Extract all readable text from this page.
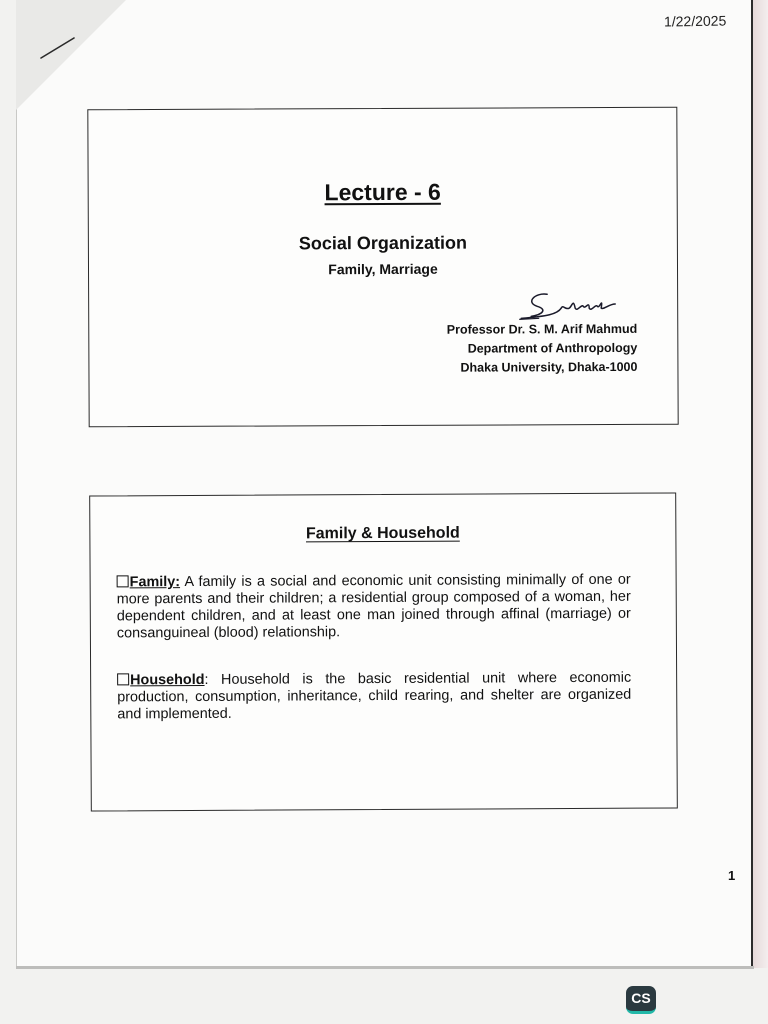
1/22/2025
Lecture - 6
Social Organization
Family, Marriage
Professor Dr. S. M. Arif Mahmud
Department of Anthropology
Dhaka University, Dhaka-1000
Family & Household
Family: A family is a social and economic unit consisting minimally of one or more parents and their children; a residential group composed of a woman, her dependent children, and at least one man joined through affinal (marriage) or consanguineal (blood) relationship.
Household: Household is the basic residential unit where economic production, consumption, inheritance, child rearing, and shelter are organized and implemented.
1
CS
